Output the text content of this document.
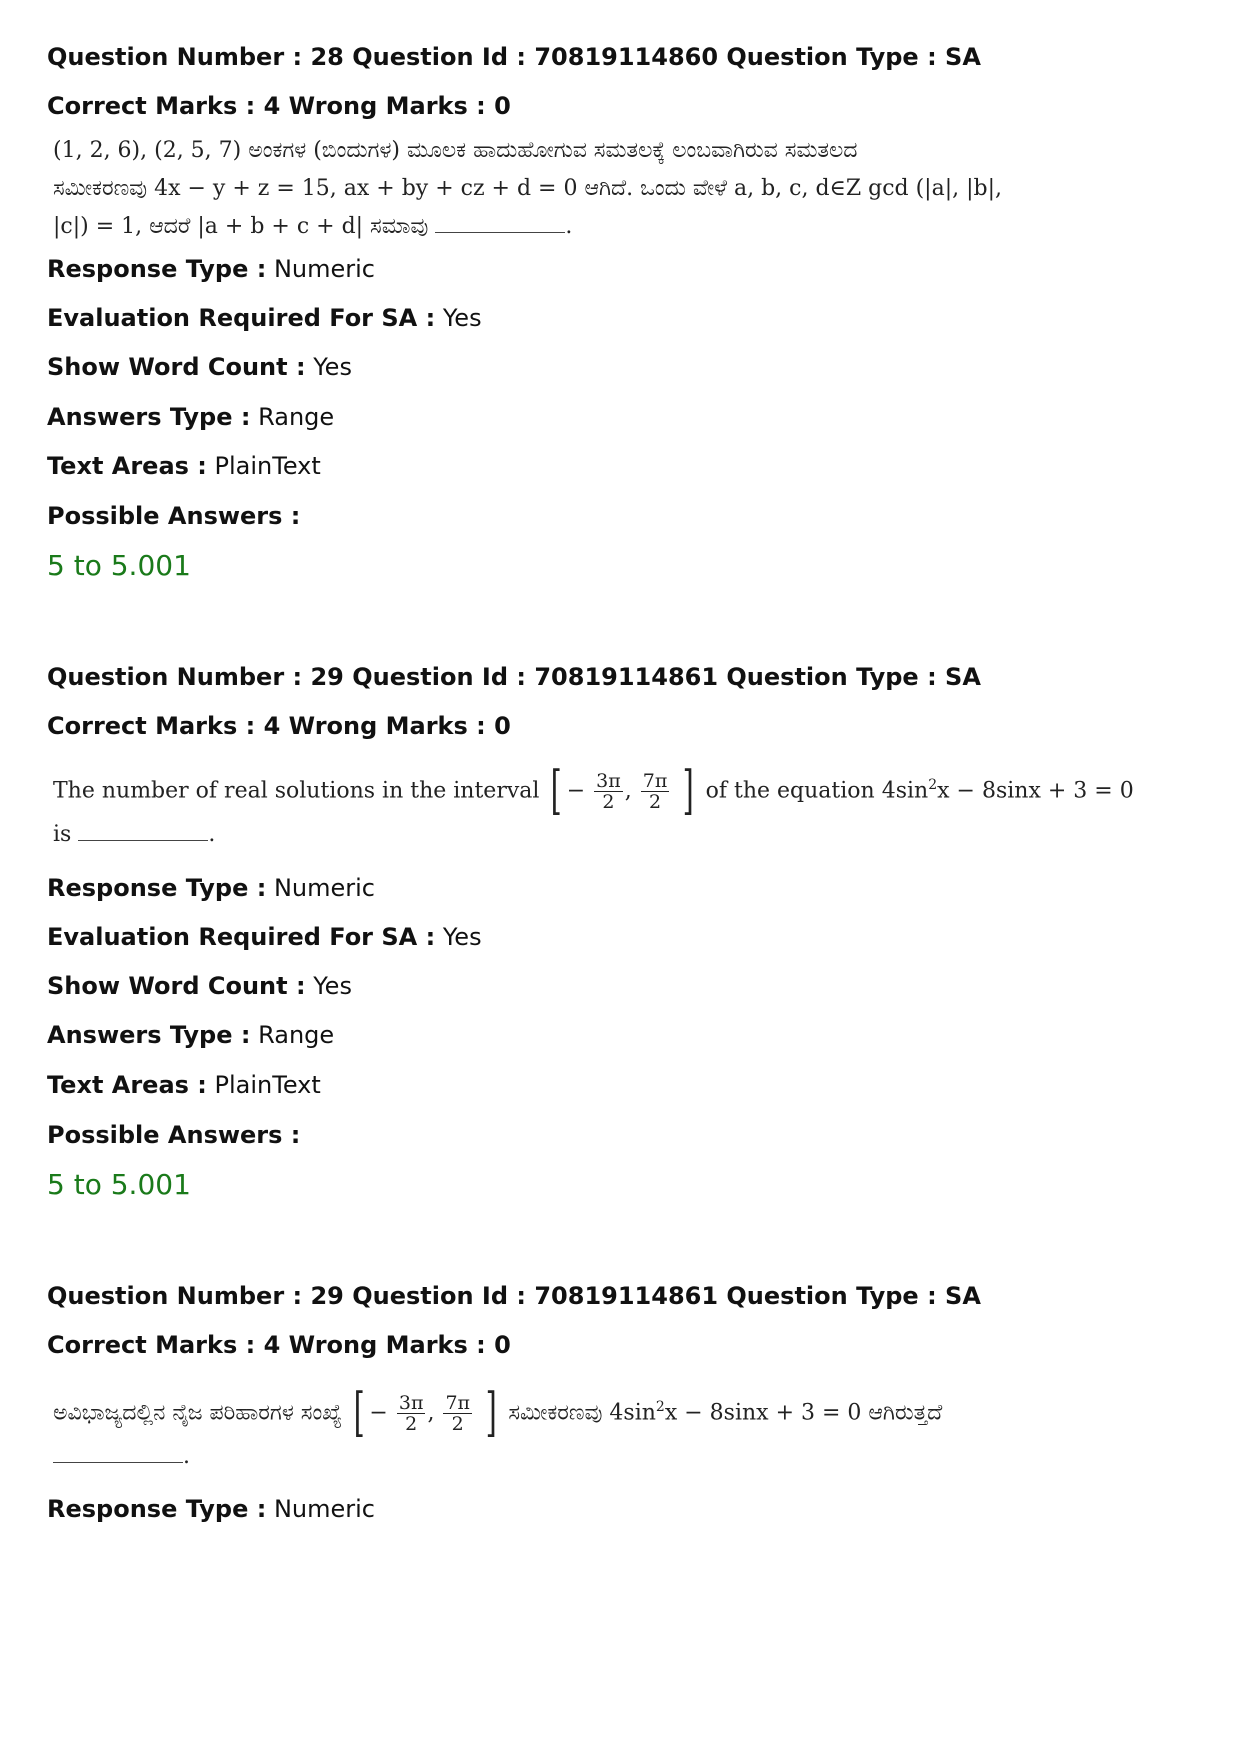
Question Number : 28 Question Id : 70819114860 Question Type : SA
Correct Marks : 4 Wrong Marks : 0
(1, 2, 6), (2, 5, 7) ಅಂಕಗಳ (ಬಿಂದುಗಳ) ಮೂಲಕ ಹಾದುಹೋಗುವ ಸಮತಲಕ್ಕೆ ಲಂಬವಾಗಿರುವ ಸಮತಲದ
ಸಮೀಕರಣವು 4x − y + z = 15, ax + by + cz + d = 0 ಆಗಿದೆ. ಒಂದು ವೇಳೆ a, b, c, d∈Z gcd (|a|, |b|,
|c|) = 1, ಆದರೆ |a + b + c + d| ಸಮಾವು	.
Response Type : Numeric
Evaluation Required For SA : Yes
Show Word Count : Yes
Answers Type : Range
Text Areas : PlainText
Possible Answers :
5 to 5.001
Question Number : 29 Question Id : 70819114861 Question Type : SA
Correct Marks : 4 Wrong Marks : 0
The number of real solutions in the interval [ − $\frac{3\pi}{2}$ , $\frac{7\pi}{2}$ ] of the equation $4\sin^2x - 8\sin x + 3 = 0$
is	.
Response Type : Numeric
Evaluation Required For SA : Yes
Show Word Count : Yes
Answers Type : Range
Text Areas : PlainText
Possible Answers :
5 to 5.001
Question Number : 29 Question Id : 70819114861 Question Type : SA
Correct Marks : 4 Wrong Marks : 0
ಅವಿಭಾಜ್ಯದಲ್ಲಿನ ನೈಜ ಪರಿಹಾರಗಳ ಸಂಖ್ಯೆ [ − $\frac{3\pi}{2}$ , $\frac{7\pi}{2}$ ] ಸಮೀಕರಣವು $4\sin^2x - 8\sin x + 3 = 0$ ಆಗಿರುತ್ತದೆ
.
Response Type : Numeric
